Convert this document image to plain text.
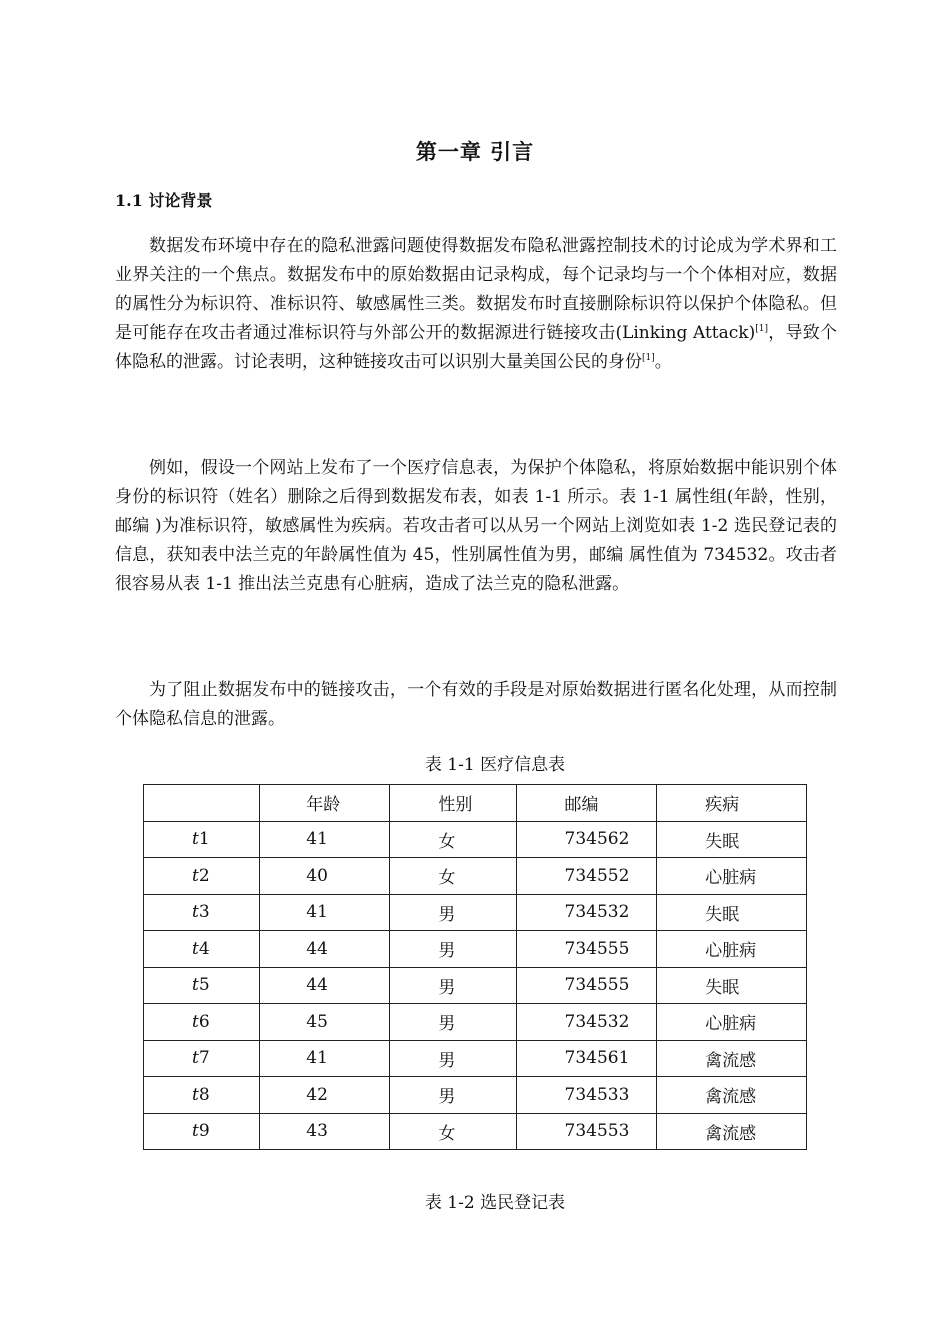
第一章 引言
1.1 讨论背景

数据发布环境中存在的隐私泄露问题使得数据发布隐私泄露控制技术的讨论成为学术界和工业界关注的一个焦点。数据发布中的原始数据由记录构成，每个记录均与一个个体相对应，数据的属性分为标识符、准标识符、敏感属性三类。数据发布时直接删除标识符以保护个体隐私。但是可能存在攻击者通过准标识符与外部公开的数据源进行链接攻击(Linking Attack)[1]，导致个体隐私的泄露。讨论表明，这种链接攻击可以识别大量美国公民的身份[1]。

例如，假设一个网站上发布了一个医疗信息表，为保护个体隐私，将原始数据中能识别个体身份的标识符（姓名）删除之后得到数据发布表，如表 1-1 所示。表 1-1 属性组(年龄，性别，邮编 )为准标识符，敏感属性为疾病。若攻击者可以从另一个网站上浏览如表 1-2 选民登记表的信息，获知表中法兰克的年龄属性值为 45，性别属性值为男，邮编 属性值为 734532。攻击者很容易从表 1-1 推出法兰克患有心脏病，造成了法兰克的隐私泄露。

为了阻止数据发布中的链接攻击，一个有效的手段是对原始数据进行匿名化处理，从而控制个体隐私信息的泄露。

表 1-1 医疗信息表
	年龄	性别	邮编	疾病
t1	41	女	734562	失眠
t2	40	女	734552	心脏病
t3	41	男	734532	失眠
t4	44	男	734555	心脏病
t5	44	男	734555	失眠
t6	45	男	734532	心脏病
t7	41	男	734561	禽流感
t8	42	男	734533	禽流感
t9	43	女	734553	禽流感
表 1-2 选民登记表
